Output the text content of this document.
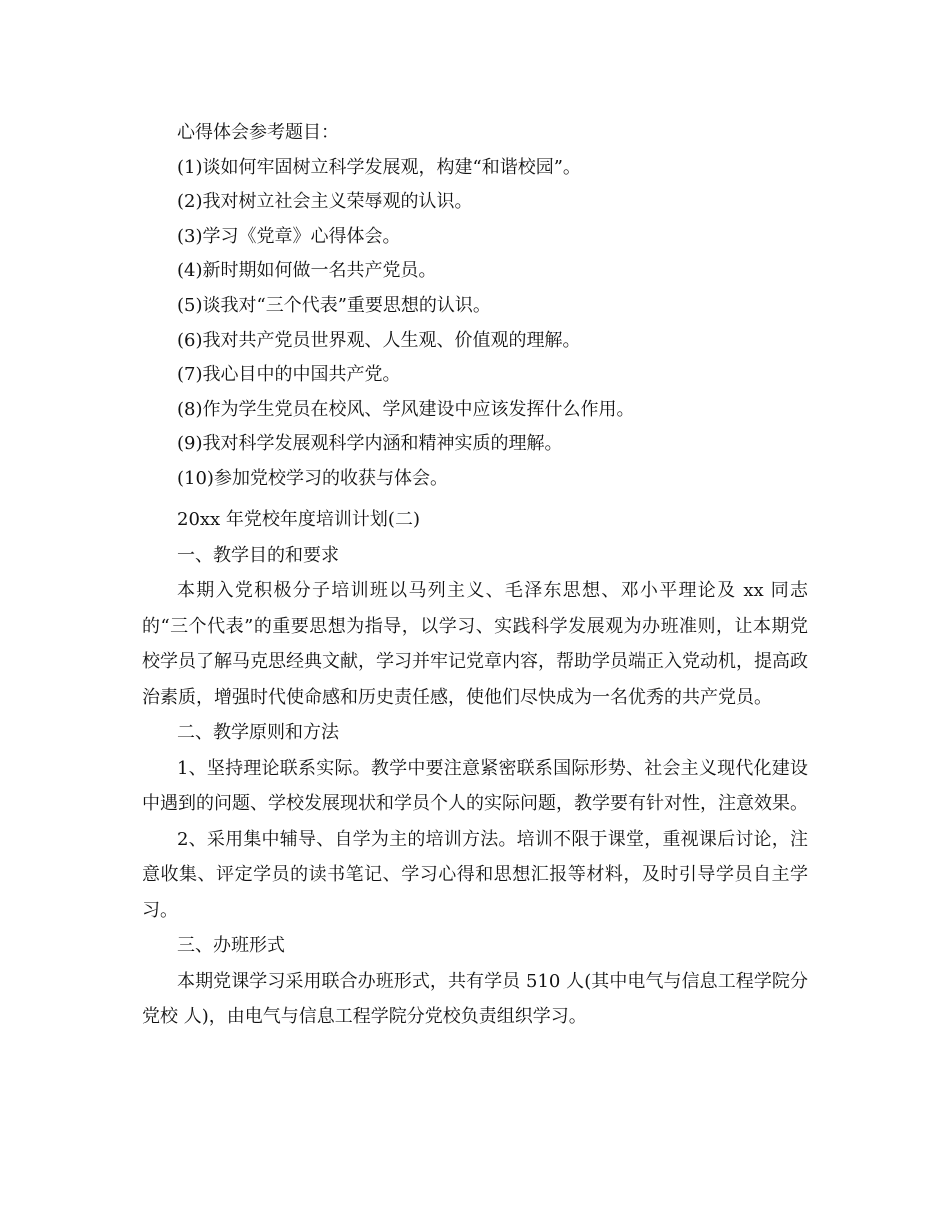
心得体会参考题目：
(1)谈如何牢固树立科学发展观，构建“和谐校园”。
(2)我对树立社会主义荣辱观的认识。
(3)学习《党章》心得体会。
(4)新时期如何做一名共产党员。
(5)谈我对“三个代表”重要思想的认识。
(6)我对共产党员世界观、人生观、价值观的理解。
(7)我心目中的中国共产党。
(8)作为学生党员在校风、学风建设中应该发挥什么作用。
(9)我对科学发展观科学内涵和精神实质的理解。
(10)参加党校学习的收获与体会。
20xx 年党校年度培训计划(二)
一、教学目的和要求

本期入党积极分子培训班以马列主义、毛泽东思想、邓小平理论及 xx 同志的“三个代表”的重要思想为指导，以学习、实践科学发展观为办班准则，让本期党校学员了解马克思经典文献，学习并牢记党章内容，帮助学员端正入党动机，提高政治素质，增强时代使命感和历史责任感，使他们尽快成为一名优秀的共产党员。

二、教学原则和方法

1、坚持理论联系实际。教学中要注意紧密联系国际形势、社会主义现代化建设中遇到的问题、学校发展现状和学员个人的实际问题，教学要有针对性，注意效果。

2、采用集中辅导、自学为主的培训方法。培训不限于课堂，重视课后讨论，注意收集、评定学员的读书笔记、学习心得和思想汇报等材料，及时引导学员自主学习。

三、办班形式

本期党课学习采用联合办班形式，共有学员 510 人(其中电气与信息工程学院分党校 人)，由电气与信息工程学院分党校负责组织学习。
